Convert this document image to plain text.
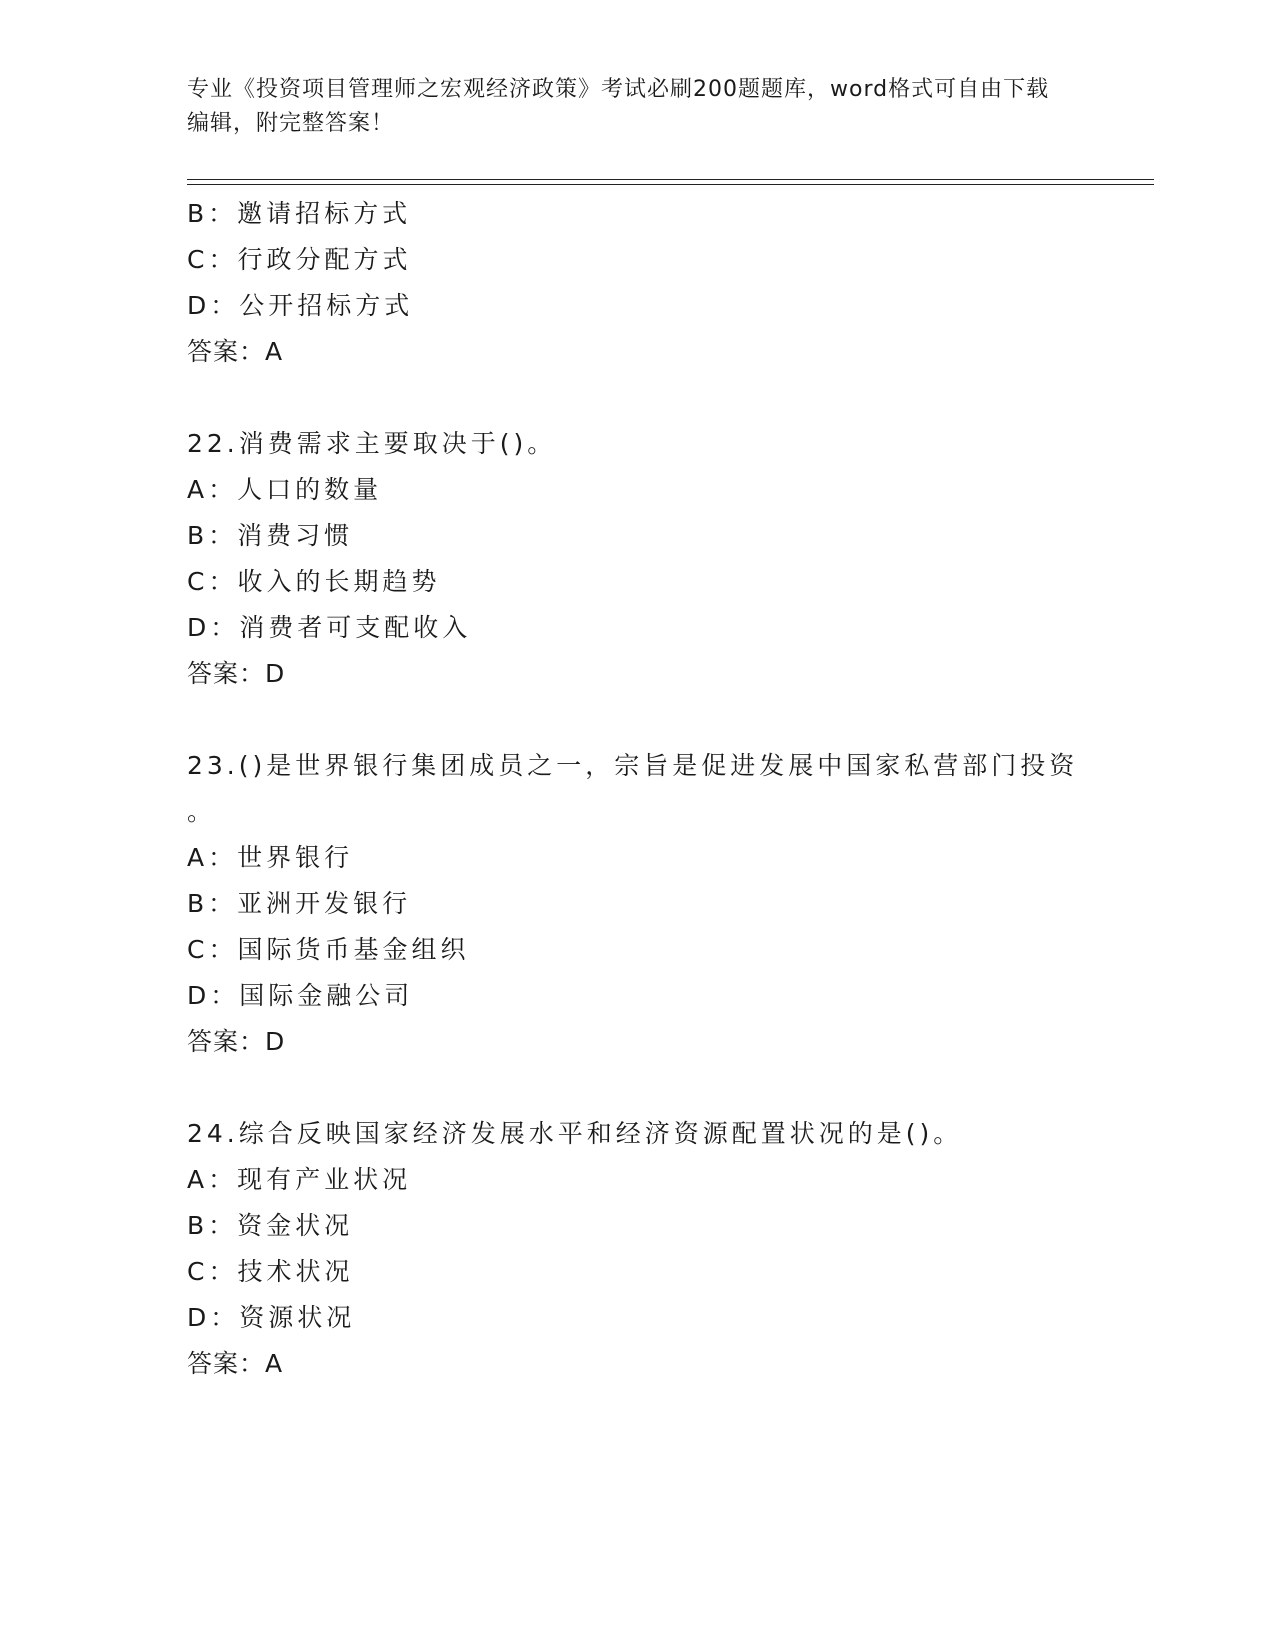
专业《投资项目管理师之宏观经济政策》考试必刷200题题库，word格式可自由下载编辑，附完整答案！
B：邀请招标方式
C：行政分配方式
D：公开招标方式
答案：A
22.消费需求主要取决于()。
A：人口的数量
B：消费习惯
C：收入的长期趋势
D：消费者可支配收入
答案：D
23.()是世界银行集团成员之一，宗旨是促进发展中国家私营部门投资
。
A：世界银行
B：亚洲开发银行
C：国际货币基金组织
D：国际金融公司
答案：D
24.综合反映国家经济发展水平和经济资源配置状况的是()。
A：现有产业状况
B：资金状况
C：技术状况
D：资源状况
答案：A
